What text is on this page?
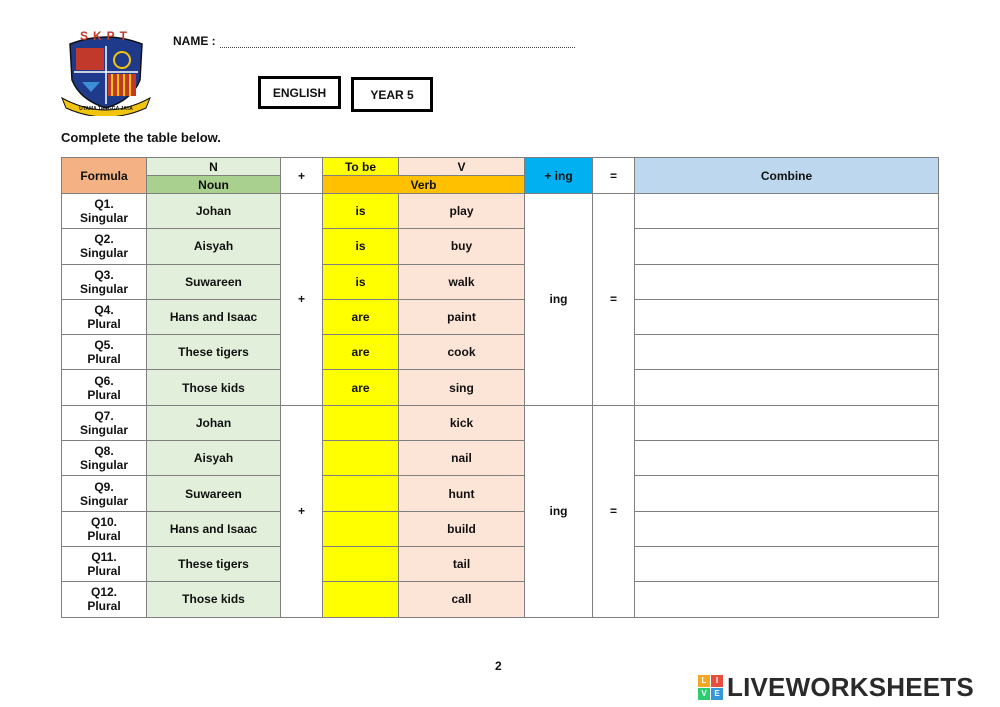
SKPT
UTAMA TANGGA JAYA
NAME :
ENGLISH	YEAR 5
Complete the table below.
Formula	N	+	To be	V	+ ing	=	Combine
	Noun		Verb				

Q1.
Singular	Johan	+	is	play	ing	=	

Q2.
Singular	Aisyah		is	buy			

Q3.
Singular	Suwareen		is	walk			

Q4.
Plural	Hans and Isaac		are	paint			

Q5.
Plural	These tigers		are	cook			

Q6.
Plural	Those kids		are	sing			

Q7.
Singular	Johan	+		kick	ing	=	

Q8.
Singular	Aisyah			nail			

Q9.
Singular	Suwareen			hunt			

Q10.
Plural	Hans and Isaac			build			

Q11.
Plural	These tigers			tail			

Q12.
Plural	Those kids			call			
2
L	I
V E LIVEWORKSHEETS
